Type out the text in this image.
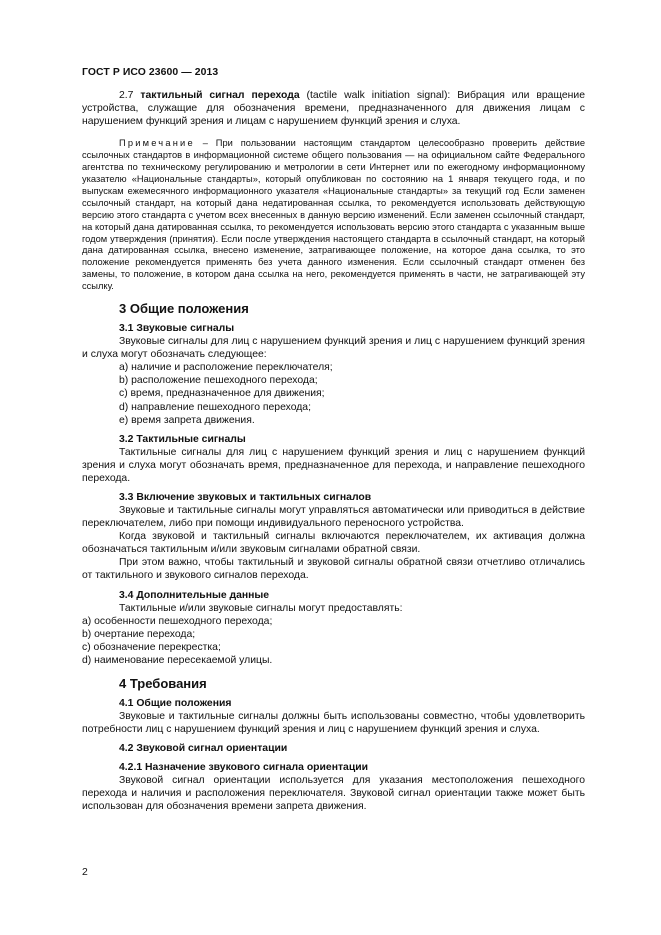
ГОСТ Р ИСО 23600 — 2013

2.7 тактильный сигнал перехода (tactile walk initiation signal): Вибрация или вращение устройства, служащие для обозначения времени, предназначенного для движения лицам с нарушением функций зрения и лицам с нарушением функций зрения и слуха.

Примечание – При пользовании настоящим стандартом целесообразно проверить действие ссылочных стандартов в информационной системе общего пользования — на официальном сайте Федерального агентства по техническому регулированию и метрологии в сети Интернет или по ежегодному информационному указателю «Национальные стандарты», который опубликован по состоянию на 1 января текущего года, и по выпускам ежемесячного информационного указателя «Национальные стандарты» за текущий год Если заменен ссылочный стандарт, на который дана недатированная ссылка, то рекомендуется использовать действующую версию этого стандарта с учетом всех внесенных в данную версию изменений. Если заменен ссылочный стандарт, на который дана датированная ссылка, то рекомендуется использовать версию этого стандарта с указанным выше годом утверждения (принятия). Если после утверждения настоящего стандарта в ссылочный стандарт, на который дана датированная ссылка, внесено изменение, затрагивающее положение, на которое дана ссылка, то это положение рекомендуется применять без учета данного изменения. Если ссылочный стандарт отменен без замены, то положение, в котором дана ссылка на него, рекомендуется применять в части, не затрагивающей эту ссылку.

3 Общие положения
3.1 Звуковые сигналы

Звуковые сигналы для лиц с нарушением функций зрения и лиц с нарушением функций зрения и слуха могут обозначать следующее:

a) наличие и расположение переключателя;

b) расположение пешеходного перехода;

c) время, предназначенное для движения;

d) направление пешеходного перехода;

e) время запрета движения.

3.2 Тактильные сигналы

Тактильные сигналы для лиц с нарушением функций зрения и лиц с нарушением функций зрения и слуха могут обозначать время, предназначенное для перехода, и направление пешеходного перехода.

3.3 Включение звуковых и тактильных сигналов

Звуковые и тактильные сигналы могут управляться автоматически или приводиться в действие переключателем, либо при помощи индивидуального переносного устройства.

Когда звуковой и тактильный сигналы включаются переключателем, их активация должна обозначаться тактильным и/или звуковым сигналами обратной связи.

При этом важно, чтобы тактильный и звуковой сигналы обратной связи отчетливо отличались от тактильного и звукового сигналов перехода.

3.4 Дополнительные данные

Тактильные и/или звуковые сигналы могут предоставлять:

a) особенности пешеходного перехода;

b) очертание перехода;

c) обозначение перекрестка;

d) наименование пересекаемой улицы.

4 Требования
4.1 Общие положения

Звуковые и тактильные сигналы должны быть использованы совместно, чтобы удовлетворить потребности лиц с нарушением функций зрения и лиц с нарушением функций зрения и слуха.

4.2 Звуковой сигнал ориентации
4.2.1 Назначение звукового сигнала ориентации

Звуковой сигнал ориентации используется для указания местоположения пешеходного перехода и наличия и расположения переключателя. Звуковой сигнал ориентации также может быть использован для обозначения времени запрета движения.

2
